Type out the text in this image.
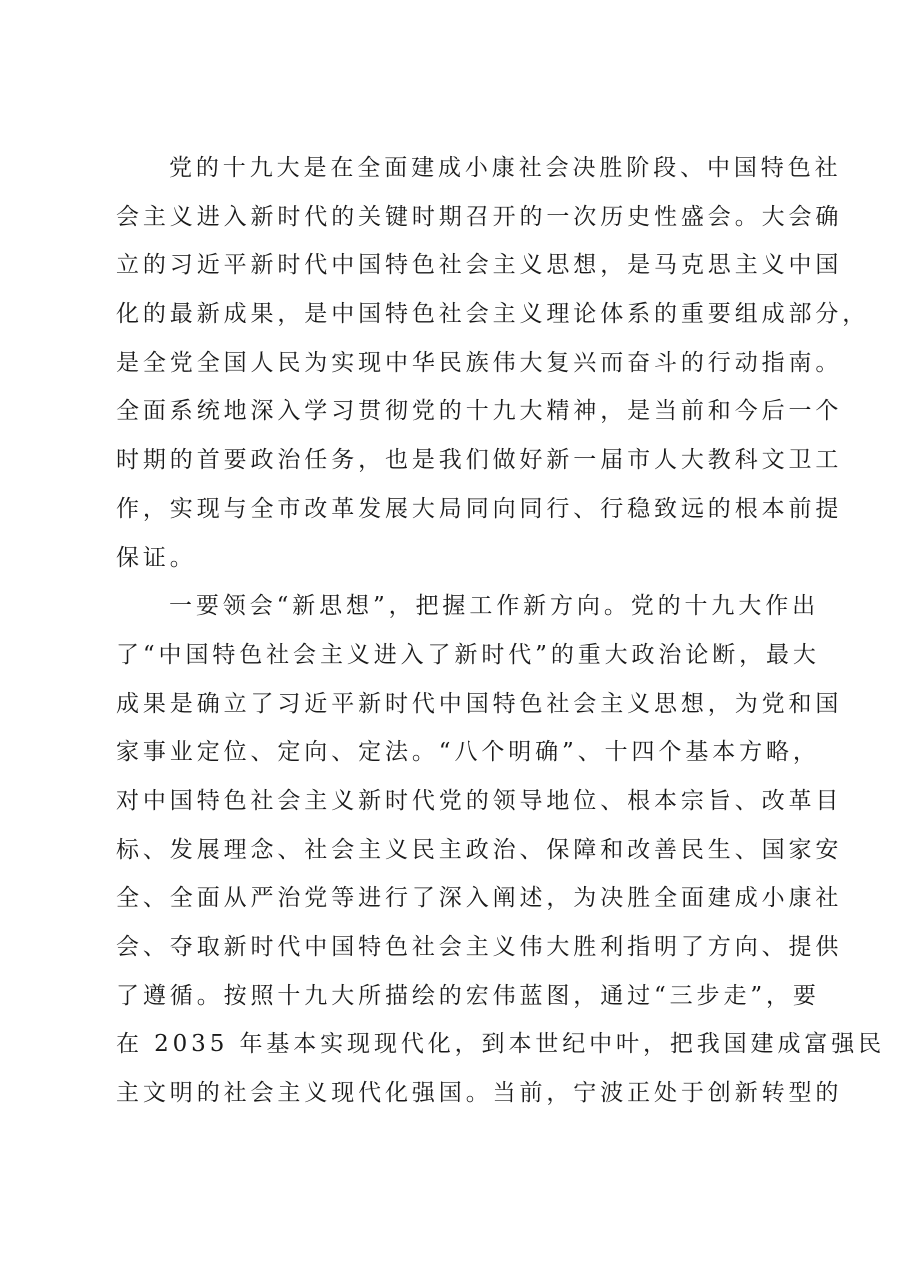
党的十九大是在全面建成小康社会决胜阶段、中国特色社
会主义进入新时代的关键时期召开的一次历史性盛会。大会确
立的习近平新时代中国特色社会主义思想，是马克思主义中国
化的最新成果，是中国特色社会主义理论体系的重要组成部分，
是全党全国人民为实现中华民族伟大复兴而奋斗的行动指南。
全面系统地深入学习贯彻党的十九大精神，是当前和今后一个
时期的首要政治任务，也是我们做好新一届市人大教科文卫工
作，实现与全市改革发展大局同向同行、行稳致远的根本前提
保证。
一要领会“新思想”，把握工作新方向。党的十九大作出
了“中国特色社会主义进入了新时代”的重大政治论断，最大
成果是确立了习近平新时代中国特色社会主义思想，为党和国
家事业定位、定向、定法。“八个明确”、十四个基本方略，
对中国特色社会主义新时代党的领导地位、根本宗旨、改革目
标、发展理念、社会主义民主政治、保障和改善民生、国家安
全、全面从严治党等进行了深入阐述，为决胜全面建成小康社
会、夺取新时代中国特色社会主义伟大胜利指明了方向、提供
了遵循。按照十九大所描绘的宏伟蓝图，通过“三步走”，要
在 2035 年基本实现现代化，到本世纪中叶，把我国建成富强民
主文明的社会主义现代化强国。当前，宁波正处于创新转型的
